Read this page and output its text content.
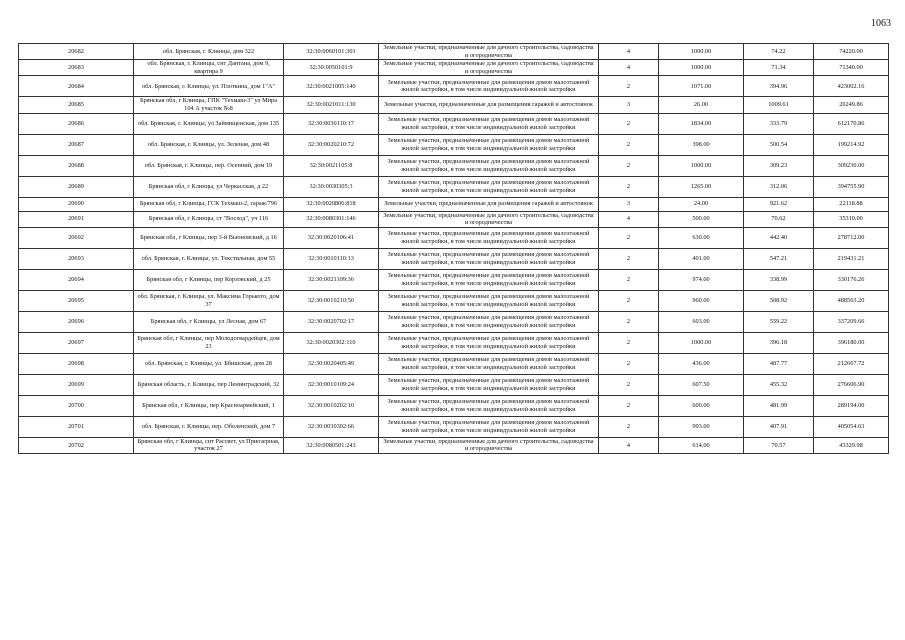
1063
20682	обл. Брянская, г. Клинцы, дом 322	32:30:0060101:301	Земельные участки, предназначенные для дачного строительства, садоводства и огородничества	4	1000.00	74.22	74220.00
20683	обл. Брянская, г. Клинцы, снт Дантана, дом 9, квартира 9	32:30:0050101:9	Земельные участки, предназначенные для дачного строительства, садоводства и огородничества	4	1000.00	71.34	71340.00
20684	обл. Брянская, г. Клинцы, ул. Плоткина, дом 1"А"	32:30:0021005:140	Земельные участки, предназначенные для размещения домов малоэтажной жилой застройки, в том числе индивидуальной жилой застройки	2	1071.00	394.96	423002.16
20685	Брянская обл, г Клинцы, ГПК "Техмаш-3" ул Мира 104 А участок №8	32:30:0021011:130	Земельные участки, предназначенные для размещения гаражей и автостоянок	3	26.00	1009.61	26249.86
20686	обл. Брянская, г. Клинцы, ул Займищенская, дом 135	32:30:0030110:17	Земельные участки, предназначенные для размещения домов малоэтажной жилой застройки, в том числе индивидуальной жилой застройки	2	1834.00	333.79	612170.86
20687	обл. Брянская, г. Клинцы, ул. Зеленая, дом 48	32:30:0020210:72	Земельные участки, предназначенные для размещения домов малоэтажной жилой застройки, в том числе индивидуальной жилой застройки	2	398.00	500.54	199214.92
20688	обл. Брянская, г. Клинцы, пер. Осенний, дом 19	32:30:0021105:8	Земельные участки, предназначенные для размещения домов малоэтажной жилой застройки, в том числе индивидуальной жилой застройки	2	1000.00	309.23	309230.00
20689	Брянская обл, г Клинцы, ул Черкасская, д 22	32:30:0030305:3	Земельные участки, предназначенные для размещения домов малоэтажной жилой застройки, в том числе индивидуальной жилой застройки	2	1265.00	312.06	394755.90
20690	Брянская обл, г Клинцы, ГСК Техмаш-2, гараж/796	32:30:0020806:818	Земельные участки, предназначенные для размещения гаражей и автостоянок	3	24.00	921.62	22118.88
20691	Брянская обл, г Клинцы, ст "Восход", уч 116	32:30:0080301:146	Земельные участки, предназначенные для дачного строительства, садоводства и огородничества	4	500.00	70.62	35310.00
20692	Брянская обл, г Клинцы, пер 3-й Вьюновский, д 16	32:30:0020106:41	Земельные участки, предназначенные для размещения домов малоэтажной жилой застройки, в том числе индивидуальной жилой застройки	2	630.00	442.40	278712.00
20693	обл. Брянская, г. Клинцы, ул. Текстильная, дом 55	32:30:0010110:13	Земельные участки, предназначенные для размещения домов малоэтажной жилой застройки, в том числе индивидуальной жилой застройки	2	401.00	547.21	219431.21
20694	Брянская обл, г Клинцы, пер Корзовский, д 25	32:30:0021109:36	Земельные участки, предназначенные для размещения домов малоэтажной жилой застройки, в том числе индивидуальной жилой застройки	2	974.00	338.99	330176.26
20695	обл. Брянская, г. Клинцы, ул. Максима Горького, дом 37	32:30:0010210:50	Земельные участки, предназначенные для размещения домов малоэтажной жилой застройки, в том числе индивидуальной жилой застройки	2	960.00	508.92	488563.20
20696	Брянская обл, г Клинцы, ул Лесная, дом 67	32:30:0020702:17	Земельные участки, предназначенные для размещения домов малоэтажной жилой застройки, в том числе индивидуальной жилой застройки	2	603.00	559.22	337209.66
20697	Брянская обл, г Клинцы, пер Молодогвардейцев, дом 23	32:30:0020302:110	Земельные участки, предназначенные для размещения домов малоэтажной жилой застройки, в том числе индивидуальной жилой застройки	2	1000.00	396.18	396180.00
20698	обл. Брянская, г. Клинцы, ул. Ббишская, дом 28	32:30:0020405:49	Земельные участки, предназначенные для размещения домов малоэтажной жилой застройки, в том числе индивидуальной жилой застройки	2	436.00	487.77	212667.72
20699	Брянская область, г. Клинцы, пер Ленинградский, 32	32:30:0010109:24	Земельные участки, предназначенные для размещения домов малоэтажной жилой застройки, в том числе индивидуальной жилой застройки	2	607.50	455.32	276606.90
20700	Брянская обл, г Клинцы, пер Красноармейский, 1	32:30:0010202:10	Земельные участки, предназначенные для размещения домов малоэтажной жилой застройки, в том числе индивидуальной жилой застройки	2	600.00	481.99	289194.00
20701	обл. Брянская, г. Клинцы, пер. Оболенский, дом 7	32:30:0030302:66	Земельные участки, предназначенные для размещения домов малоэтажной жилой застройки, в том числе индивидуальной жилой застройки	2	993.00	407.91	405054.63
20702	Брянская обл, г Клинцы, снт Рассвет, ул Приозерная, участок 27	32:30:0080501:243	Земельные участки, предназначенные для дачного строительства, садоводства и огородничества	4	614.00	70.57	43329.98
